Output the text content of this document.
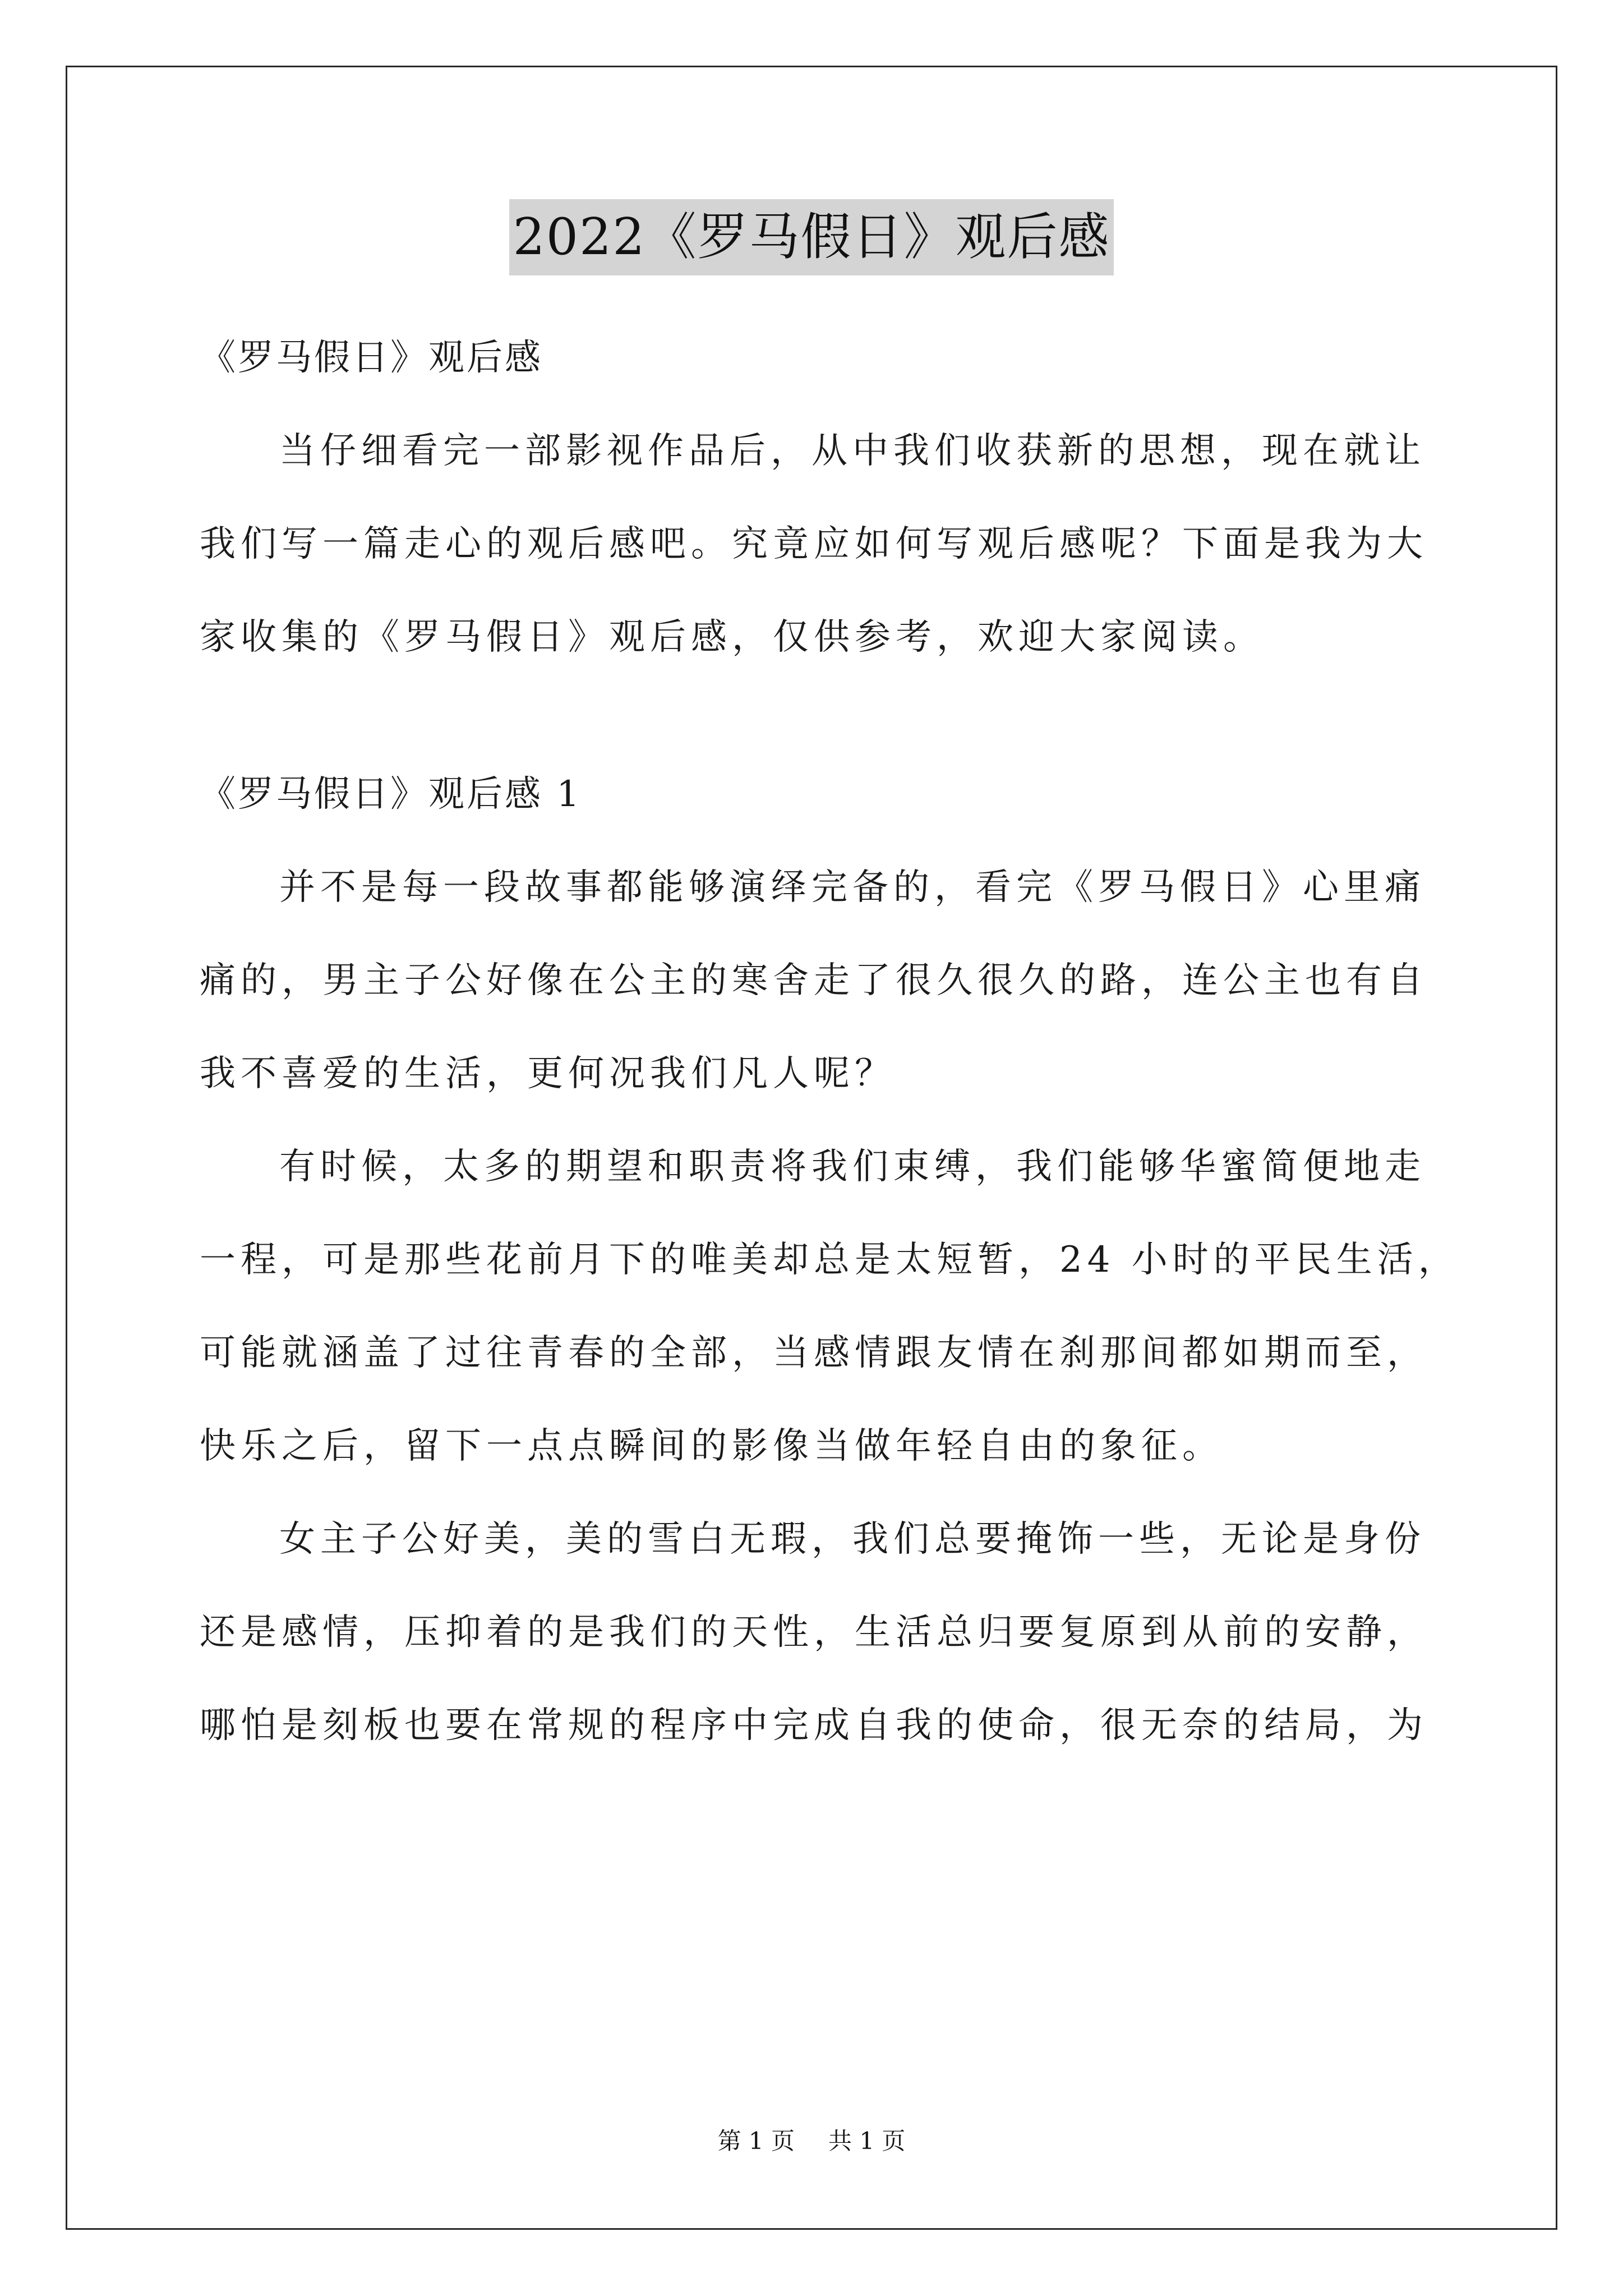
2022《罗马假日》观后感
《罗马假日》观后感
当仔细看完一部影视作品后，从中我们收获新的思想，现在就让
我们写一篇走心的观后感吧。究竟应如何写观后感呢？下面是我为大
家收集的《罗马假日》观后感，仅供参考，欢迎大家阅读。
《罗马假日》观后感 1
并不是每一段故事都能够演绎完备的，看完《罗马假日》心里痛
痛的，男主子公好像在公主的寒舍走了很久很久的路，连公主也有自
我不喜爱的生活，更何况我们凡人呢？
有时候，太多的期望和职责将我们束缚，我们能够华蜜简便地走
一程，可是那些花前月下的唯美却总是太短暂，24 小时的平民生活，
可能就涵盖了过往青春的全部，当感情跟友情在刹那间都如期而至，
快乐之后，留下一点点瞬间的影像当做年轻自由的象征。
女主子公好美，美的雪白无瑕，我们总要掩饰一些，无论是身份
还是感情，压抑着的是我们的天性，生活总归要复原到从前的安静，
哪怕是刻板也要在常规的程序中完成自我的使命，很无奈的结局，为
第 1 页 共 1 页
